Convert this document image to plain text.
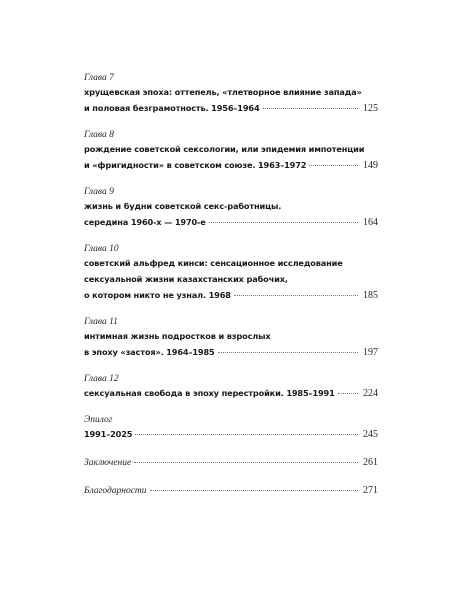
Глава 7
хрущевская эпоха: оттепель, «тлетворное влияние запада»
и половая безграмотность. 1956–1964	125
Глава 8
рождение советской сексологии, или эпидемия импотенции
и «фригидности» в советском союзе. 1963–1972	149
Глава 9
жизнь и будни советской секс-работницы.
середина 1960-х — 1970-е	164
Глава 10
советский альфред кинси: сенсационное исследование
сексуальной жизни казахстанских рабочих,
о котором никто не узнал. 1968	185
Глава 11
интимная жизнь подростков и взрослых
в эпоху «застоя». 1964–1985	197
Глава 12
сексуальная свобода в эпоху перестройки. 1985–1991	224
Эпилог
1991–2025	245
Заключение	261
Благодарности	271
